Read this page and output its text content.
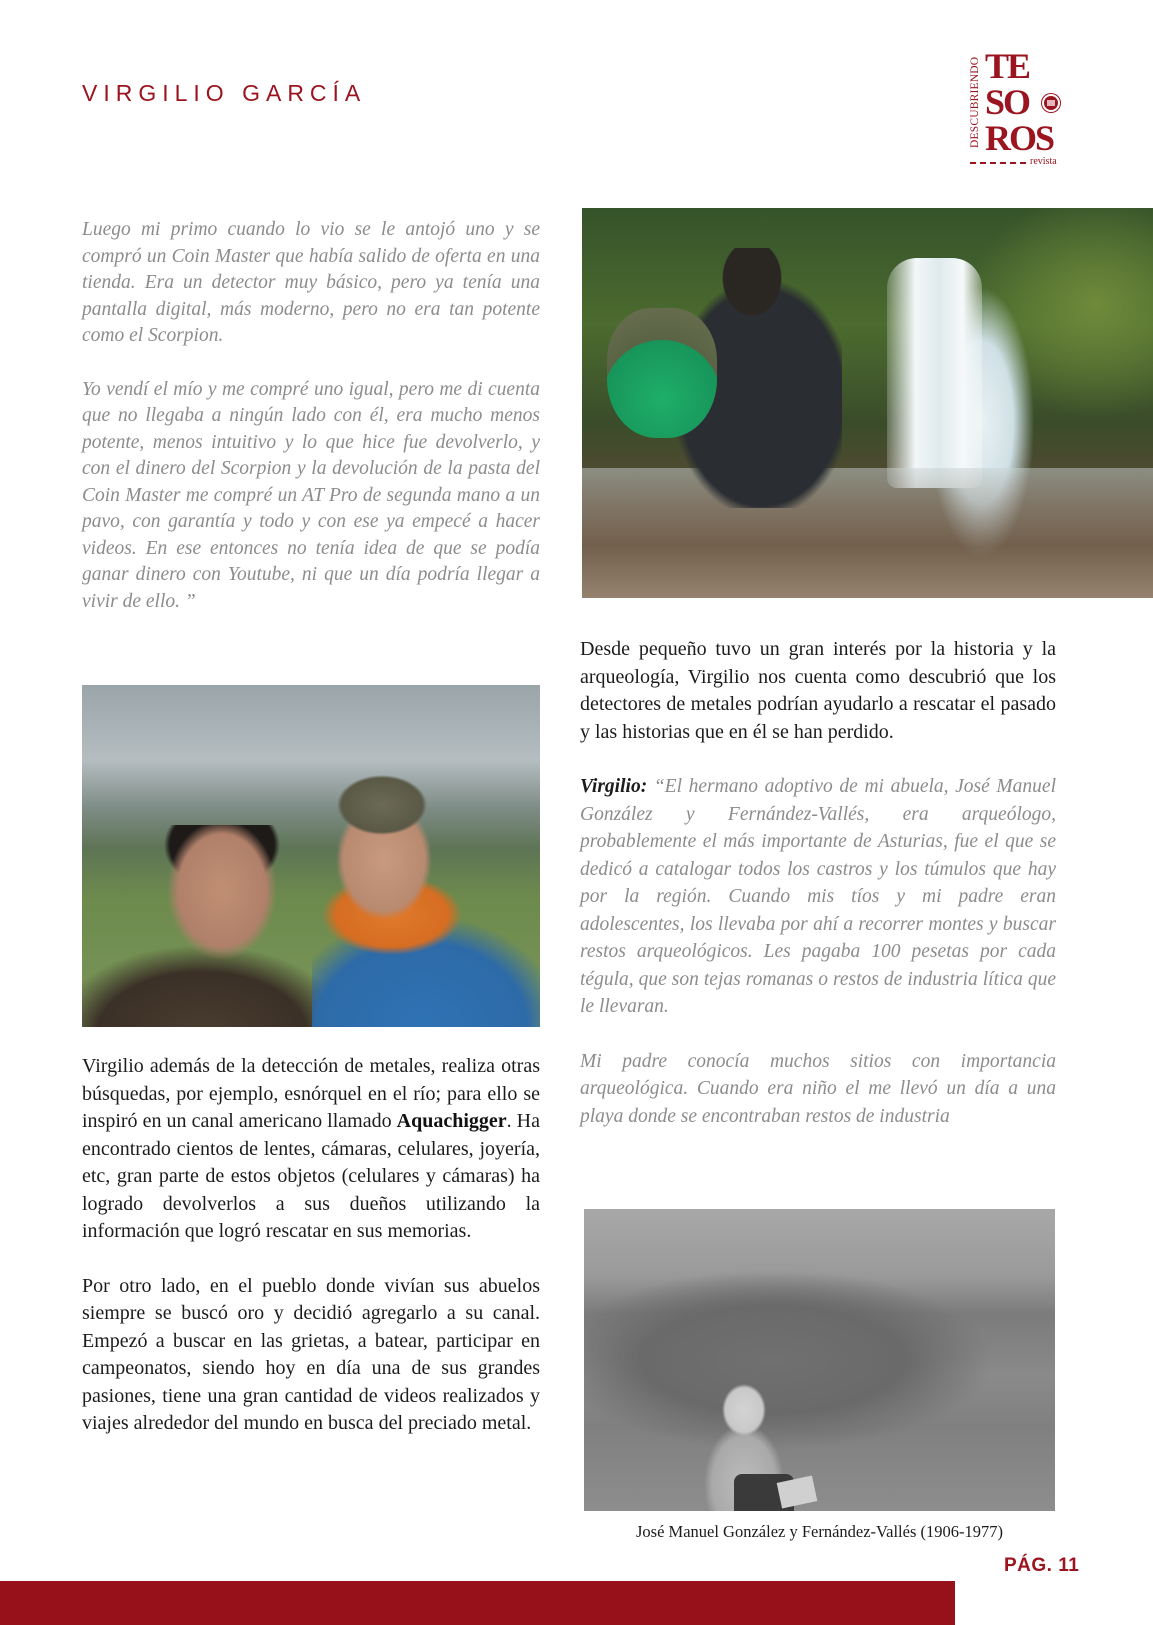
VIRGILIO GARCÍA	DESCUBRIENDO TE
SO
ROS
revista

Luego mi primo cuando lo vio se le antojó uno y se compró un Coin Master que había salido de oferta en una tienda. Era un detector muy básico, pero ya tenía una pantalla digital, más moderno, pero no era tan potente como el Scorpion.

Yo vendí el mío y me compré uno igual, pero me di cuenta que no llegaba a ningún lado con él, era mucho menos potente, menos intuitivo y lo que hice fue devolverlo, y con el dinero del Scorpion y la devolución de la pasta del Coin Master me compré un AT Pro de segunda mano a un pavo, con garantía y todo y con ese ya empecé a hacer videos. En ese entonces no tenía idea de que se podía ganar dinero con Youtube, ni que un día podría llegar a vivir de ello. ”

Virgilio además de la detección de metales, realiza otras búsquedas, por ejemplo, esnórquel en el río; para ello se inspiró en un canal americano llamado Aquachigger. Ha encontrado cientos de lentes, cámaras, celulares, joyería, etc, gran parte de estos objetos (celulares y cámaras) ha logrado devolverlos a sus dueños utilizando la información que logró rescatar en sus memorias.

Por otro lado, en el pueblo donde vivían sus abuelos siempre se buscó oro y decidió agregarlo a su canal. Empezó a buscar en las grietas, a batear, participar en campeonatos, siendo hoy en día una de sus grandes pasiones, tiene una gran cantidad de videos realizados y viajes alrededor del mundo en busca del preciado metal.

Desde pequeño tuvo un gran interés por la historia y la arqueología, Virgilio nos cuenta como descubrió que los detectores de metales podrían ayudarlo a rescatar el pasado y las historias que en él se han perdido.

Virgilio: “El hermano adoptivo de mi abuela, José Manuel González y Fernández-Vallés, era arqueólogo, probablemente el más importante de Asturias, fue el que se dedicó a catalogar todos los castros y los túmulos que hay por la región. Cuando mis tíos y mi padre eran adolescentes, los llevaba por ahí a recorrer montes y buscar restos arqueológicos. Les pagaba 100 pesetas por cada tégula, que son tejas romanas o restos de industria lítica que le llevaran.

Mi padre conocía muchos sitios con importancia arqueológica. Cuando era niño el me llevó un día a una playa donde se encontraban restos de industria

José Manuel González y Fernández-Vallés (1906-1977)
PÁG. 11
